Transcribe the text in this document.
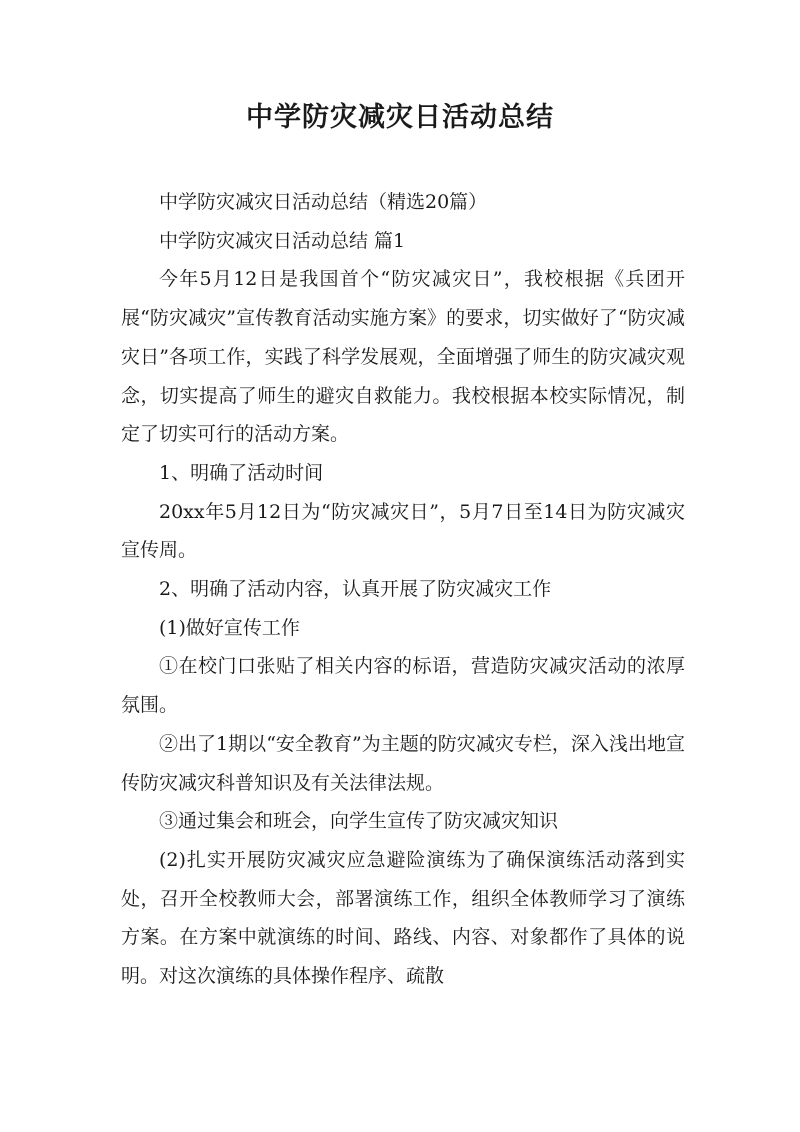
中学防灾减灾日活动总结

中学防灾减灾日活动总结（精选20篇）

中学防灾减灾日活动总结 篇1

今年5月12日是我国首个“防灾减灾日”，我校根据《兵团开展“防灾减灾”宣传教育活动实施方案》的要求，切实做好了“防灾减灾日”各项工作，实践了科学发展观，全面增强了师生的防灾减灾观念，切实提高了师生的避灾自救能力。我校根据本校实际情况，制定了切实可行的活动方案。

1、明确了活动时间

20xx年5月12日为“防灾减灾日”，5月7日至14日为防灾减灾宣传周。

2、明确了活动内容，认真开展了防灾减灾工作

(1)做好宣传工作

①在校门口张贴了相关内容的标语，营造防灾减灾活动的浓厚氛围。

②出了1期以“安全教育”为主题的防灾减灾专栏，深入浅出地宣传防灾减灾科普知识及有关法律法规。

③通过集会和班会，向学生宣传了防灾减灾知识

(2)扎实开展防灾减灾应急避险演练为了确保演练活动落到实处，召开全校教师大会，部署演练工作，组织全体教师学习了演练方案。在方案中就演练的时间、路线、内容、对象都作了具体的说明。对这次演练的具体操作程序、疏散
